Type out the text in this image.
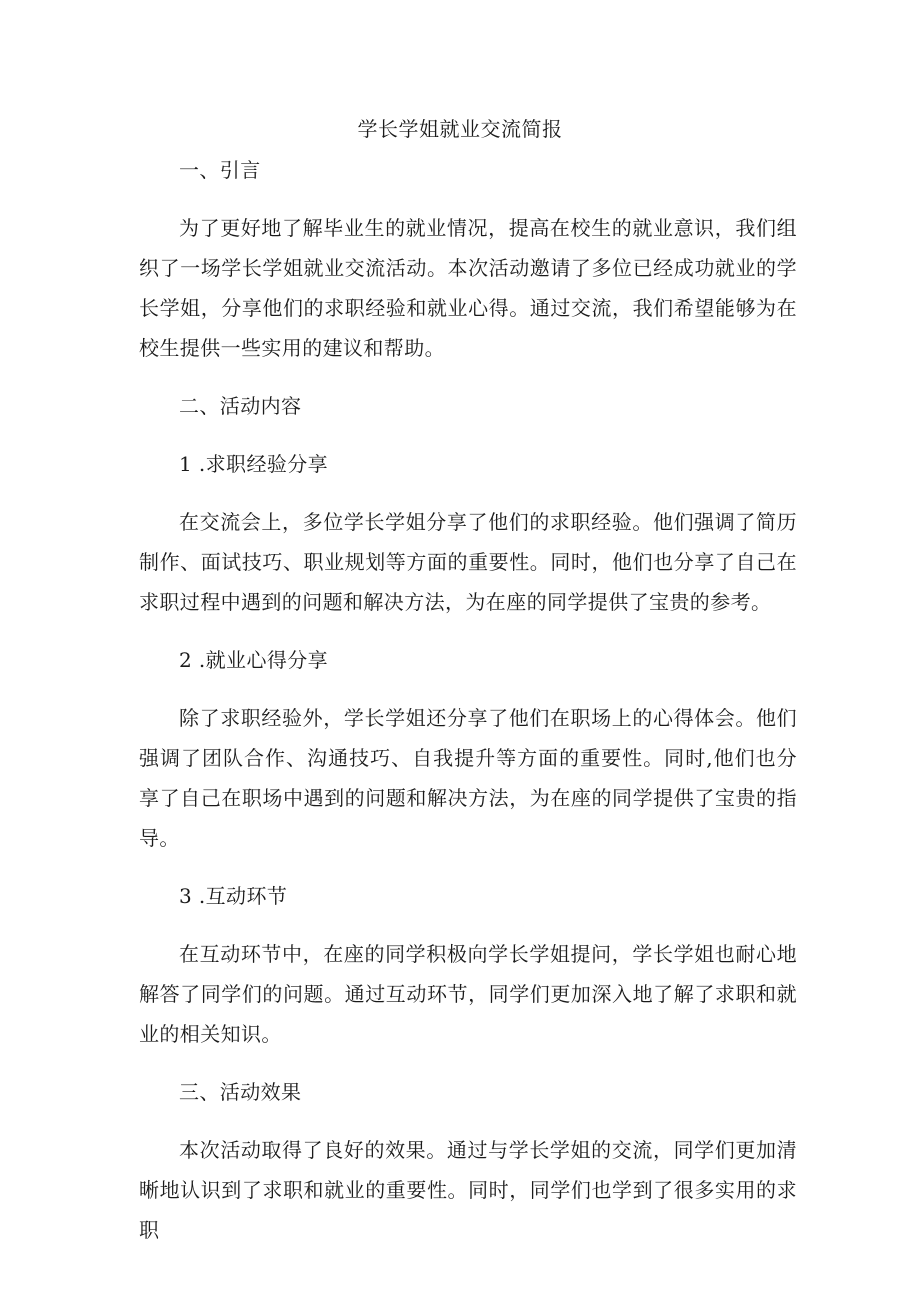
学长学姐就业交流简报

一、引言

为了更好地了解毕业生的就业情况，提高在校生的就业意识，我们组织了一场学长学姐就业交流活动。本次活动邀请了多位已经成功就业的学长学姐，分享他们的求职经验和就业心得。通过交流，我们希望能够为在校生提供一些实用的建议和帮助。

二、活动内容

1 .求职经验分享

在交流会上，多位学长学姐分享了他们的求职经验。他们强调了简历制作、面试技巧、职业规划等方面的重要性。同时，他们也分享了自己在求职过程中遇到的问题和解决方法，为在座的同学提供了宝贵的参考。

2 .就业心得分享

除了求职经验外，学长学姐还分享了他们在职场上的心得体会。他们强调了团队合作、沟通技巧、自我提升等方面的重要性。同时,他们也分享了自己在职场中遇到的问题和解决方法，为在座的同学提供了宝贵的指导。

3 .互动环节

在互动环节中，在座的同学积极向学长学姐提问，学长学姐也耐心地解答了同学们的问题。通过互动环节，同学们更加深入地了解了求职和就业的相关知识。

三、活动效果

本次活动取得了良好的效果。通过与学长学姐的交流，同学们更加清晰地认识到了求职和就业的重要性。同时，同学们也学到了很多实用的求职
